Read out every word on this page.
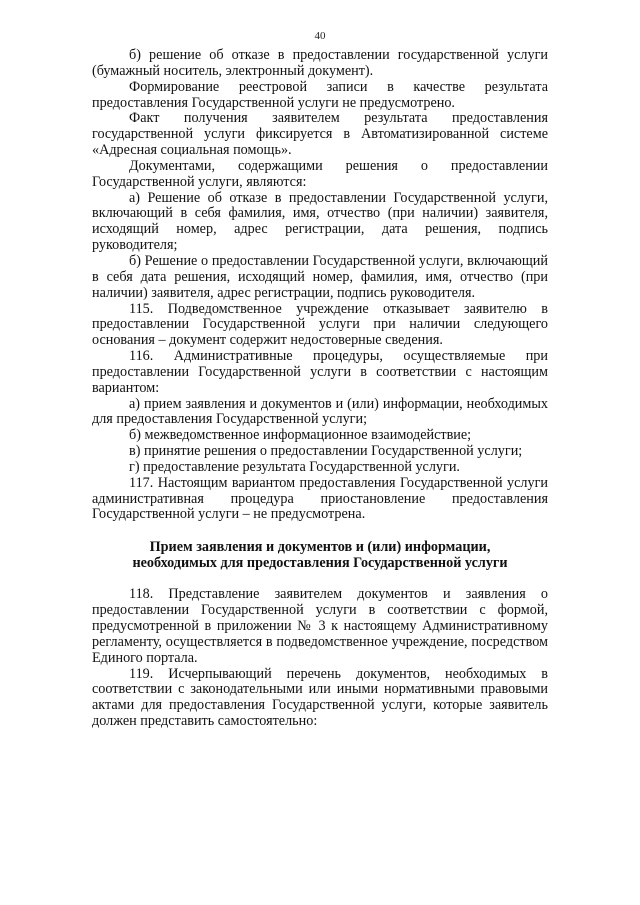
40

б) решение об отказе в предоставлении государственной услуги (бумажный носитель, электронный документ).

Формирование реестровой записи в качестве результата предоставления Государственной услуги не предусмотрено.

Факт получения заявителем результата предоставления государственной услуги фиксируется в Автоматизированной системе «Адресная социальная помощь».

Документами, содержащими решения о предоставлении Государственной услуги, являются:

а) Решение об отказе в предоставлении Государственной услуги, включающий в себя фамилия, имя, отчество (при наличии) заявителя, исходящий номер, адрес регистрации, дата решения, подпись руководителя;

б) Решение о предоставлении Государственной услуги, включающий в себя дата решения, исходящий номер, фамилия, имя, отчество (при наличии) заявителя, адрес регистрации, подпись руководителя.

115. Подведомственное учреждение отказывает заявителю в предоставлении Государственной услуги при наличии следующего основания – документ содержит недостоверные сведения.

116. Административные процедуры, осуществляемые при предоставлении Государственной услуги в соответствии с настоящим вариантом:

а) прием заявления и документов и (или) информации, необходимых для предоставления Государственной услуги;

б) межведомственное информационное взаимодействие;

в) принятие решения о предоставлении Государственной услуги;

г) предоставление результата Государственной услуги.

117. Настоящим вариантом предоставления Государственной услуги административная процедура приостановление предоставления Государственной услуги – не предусмотрена.

Прием заявления и документов и (или) информации,
необходимых для предоставления Государственной услуги

118. Представление заявителем документов и заявления о предоставлении Государственной услуги в соответствии с формой, предусмотренной в приложении № 3 к настоящему Административному регламенту, осуществляется в подведомственное учреждение, посредством Единого портала.

119. Исчерпывающий перечень документов, необходимых в соответствии с законодательными или иными нормативными правовыми актами для предоставления Государственной услуги, которые заявитель должен представить самостоятельно:
